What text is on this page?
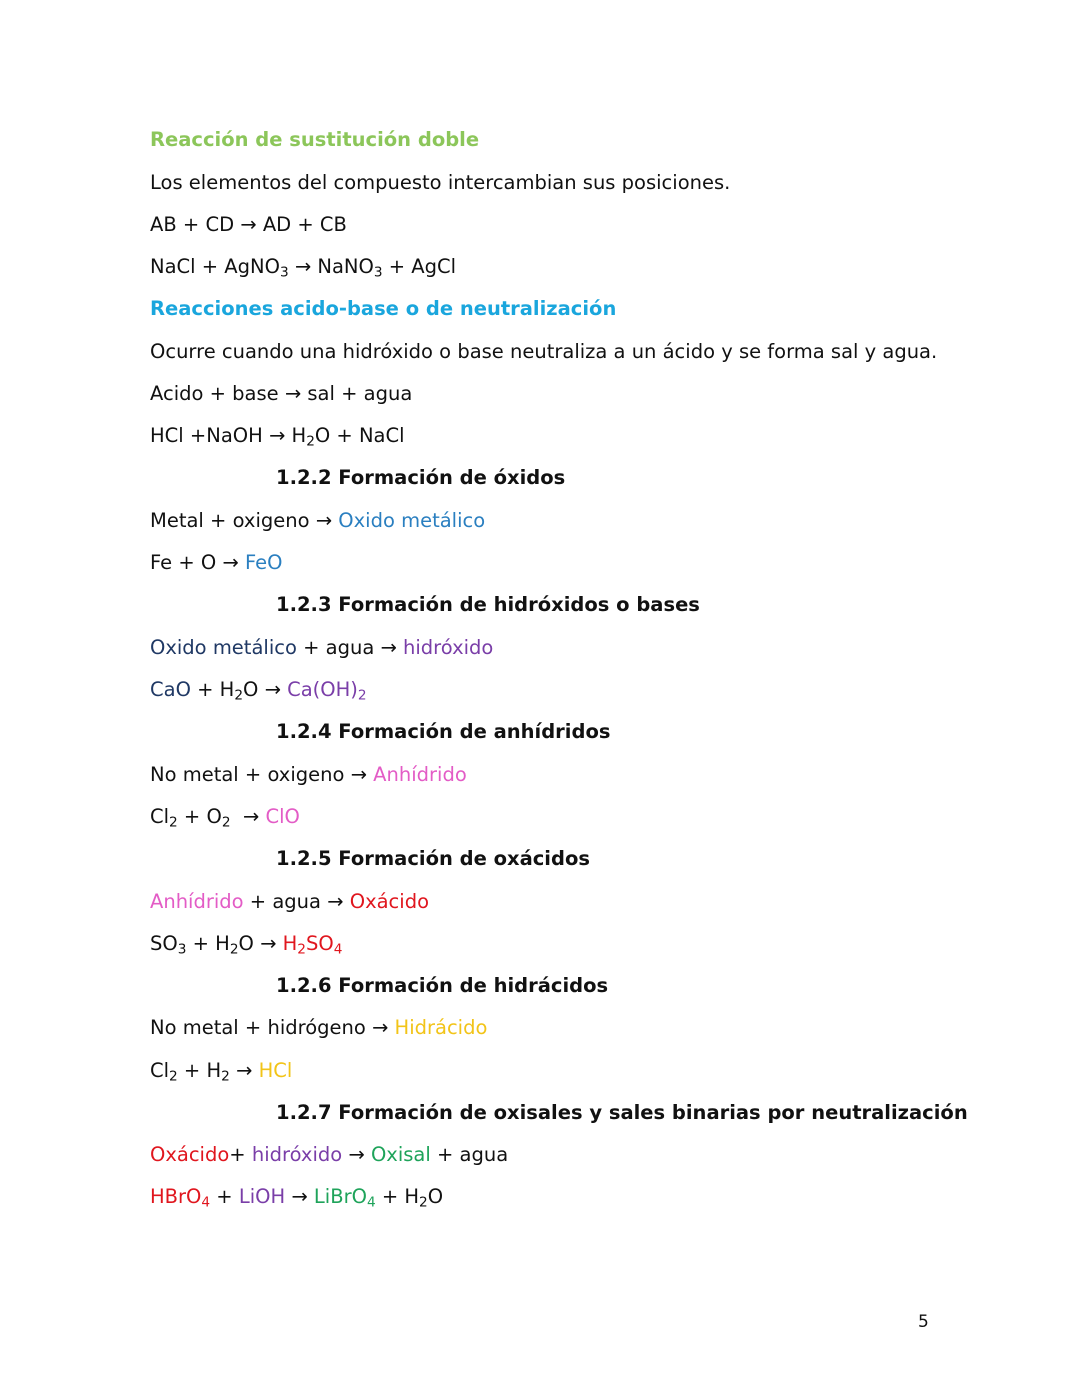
Reacción de sustitución doble
Los elementos del compuesto intercambian sus posiciones.
AB + CD → AD + CB
NaCl + AgNO$_3$ → NaNO$_3$ + AgCl
Reacciones acido-base o de neutralización
Ocurre cuando una hidróxido o base neutraliza a un ácido y se forma sal y agua.
Acido + base → sal + agua
HCl +NaOH → $H_2O$ + NaCl
1.2.2 Formación de óxidos
Metal + oxigeno → Oxido metálico
Fe + O → FeO
1.2.3 Formación de hidróxidos o bases
Oxido metálico + agua → hidróxido
CaO + $H_2O \to Ca(OH)_2$
1.2.4 Formación de anhídridos
No metal + oxigeno → Anhídrido
$Cl_2 + O_2$  → ClO
1.2.5 Formación de oxácidos
Anhídrido + agua → Oxácido
$SO_3 + H_2O \to H_2SO_4$
1.2.6 Formación de hidrácidos
No metal + hidrógeno → Hidrácido
$Cl_2 + H_2$ → HCl
1.2.7 Formación de oxisales y sales binarias por neutralización
Oxácido+ hidróxido → Oxisal + agua
HBrO$_4$ + LiOH → LiBrO$_4$ + $H_2O$
5
